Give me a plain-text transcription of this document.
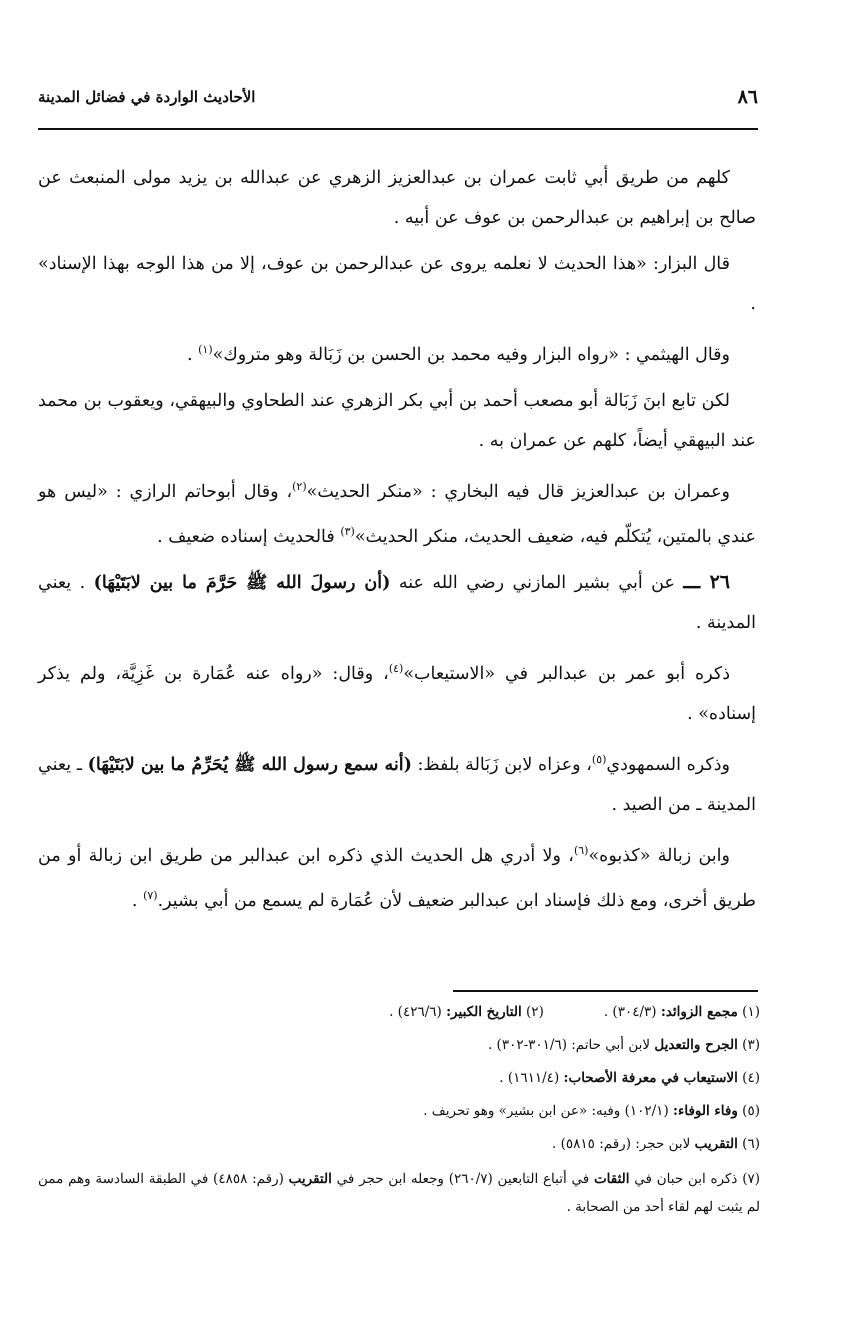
٨٦
الأحاديث الواردة في فضائل المدينة

كلهم من طريق أبي ثابت عمران بن عبدالعزيز الزهري عن عبدالله بن يزيد مولى المنبعث عن صالح بن إبراهيم بن عبدالرحمن بن عوف عن أبيه .

قال البزار: «هذا الحديث لا نعلمه يروى عن عبدالرحمن بن عوف، إلا من هذا الوجه بهذا الإسناد» .

وقال الهيثمي : «رواه البزار وفيه محمد بن الحسن بن زَبَالة وهو متروك»$^{(١)}$ .

لكن تابع ابنَ زَبَالة أبو مصعب أحمد بن أبي بكر الزهري عند الطحاوي والبيهقي، ويعقوب بن محمد عند البيهقي أيضاً، كلهم عن عمران به .

وعمران بن عبدالعزيز قال فيه البخاري : «منكر الحديث»$^{(٢)}$، وقال أبوحاتم الرازي : «ليس هو عندي بالمتين، يُتكلّم فيه، ضعيف الحديث، منكر الحديث»$^{(٣)}$ فالحديث إسناده ضعيف .

٢٦ ـــ عن أبي بشير المازني رضي الله عنه (أن رسولَ الله ﷺ حَرَّمَ ما بين لابَتَيْهَا) . يعني المدينة .

ذكره أبو عمر بن عبدالبر في «الاستيعاب»$^{(٤)}$، وقال: «رواه عنه عُمَارة بن غَزِيَّة، ولم يذكر إسناده» .

وذكره السمهودي$^{(٥)}$، وعزاه لابن زَبَالة بلفظ: (أنه سمع رسول الله ﷺ يُحَرِّمُ ما بين لابَتَيْهَا) ـ يعني المدينة ـ من الصيد .

وابن زبالة «كذبوه»$^{(٦)}$، ولا أدري هل الحديث الذي ذكره ابن عبدالبر من طريق ابن زبالة أو من طريق أخرى، ومع ذلك فإسناد ابن عبدالبر ضعيف لأن عُمَارة لم يسمع من أبي بشير.$^{(٧)}$ .

(١) مجمع الزوائد: (٣٠٤/٣) .
(٢) التاريخ الكبير: (٤٢٦/٦) .
(٣) الجرح والتعديل لابن أبي حاتم: (٣٠١/٦-٣٠٢) .
(٤) الاستيعاب في معرفة الأصحاب: (١٦١١/٤) .
(٥) وفاء الوفاء: (١٠٢/١) وفيه: «عن ابن بشير» وهو تحريف .
(٦) التقريب لابن حجر: (رقم: ٥٨١٥) .
(٧) ذكره ابن حبان في الثقات في أتباع التابعين (٢٦٠/٧) وجعله ابن حجر في التقريب (رقم: ٤٨٥٨) في الطبقة السادسة وهم ممن لم يثبت لهم لقاء أحد من الصحابة .
